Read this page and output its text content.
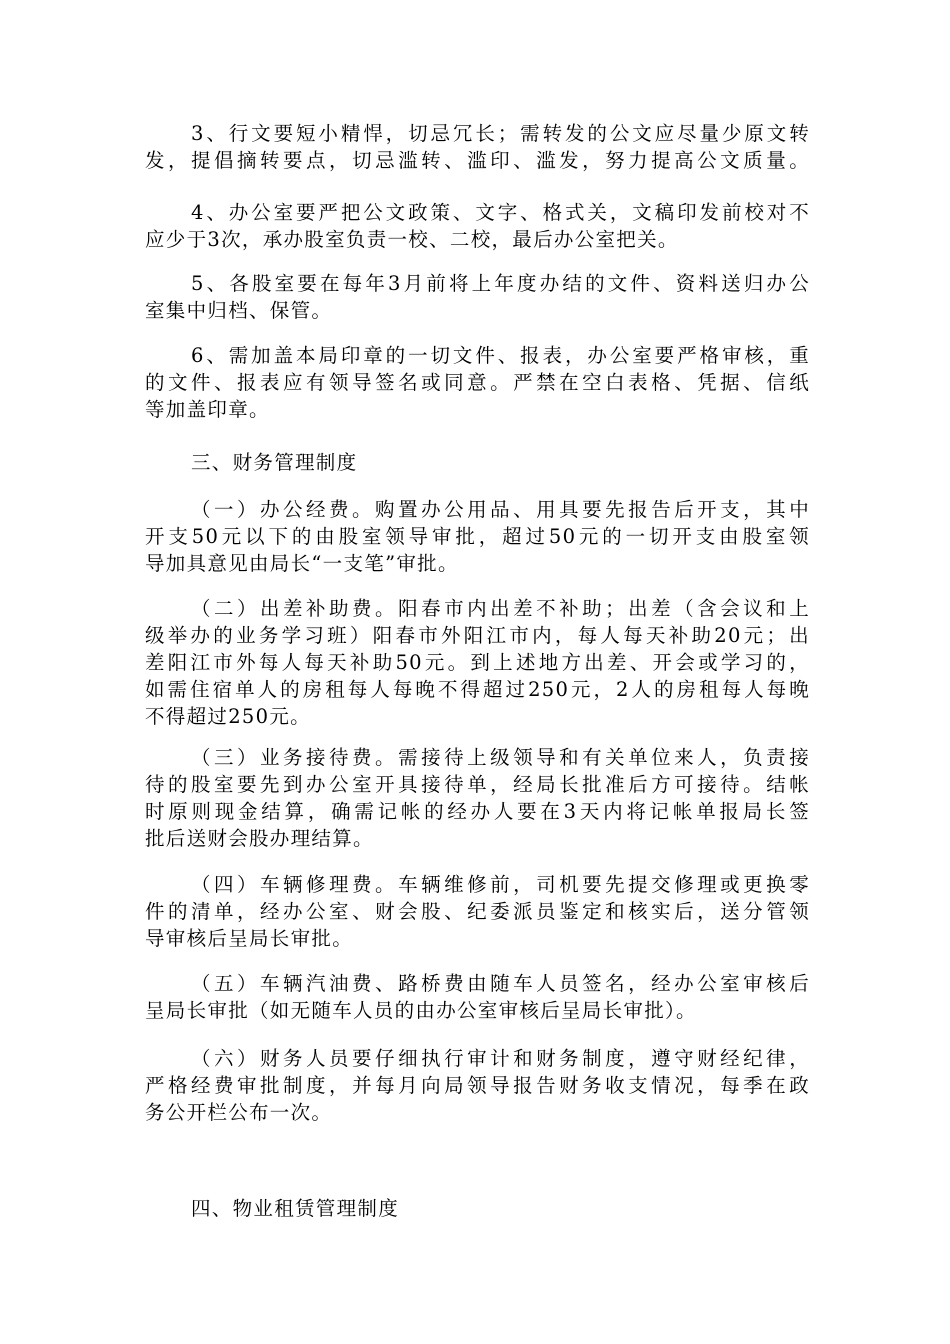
3、行文要短小精悍，切忌冗长；需转发的公文应尽量少原文转
发，提倡摘转要点，切忌滥转、滥印、滥发，努力提高公文质量。
4、办公室要严把公文政策、文字、格式关，文稿印发前校对不
应少于3次，承办股室负责一校、二校，最后办公室把关。
5、各股室要在每年3月前将上年度办结的文件、资料送归办公
室集中归档、保管。
6、需加盖本局印章的一切文件、报表，办公室要严格审核，重
的文件、报表应有领导签名或同意。严禁在空白表格、凭据、信纸
等加盖印章。
三、财务管理制度
（一）办公经费。购置办公用品、用具要先报告后开支，其中
开支50元以下的由股室领导审批，超过50元的一切开支由股室领
导加具意见由局长“一支笔”审批。
（二）出差补助费。阳春市内出差不补助；出差（含会议和上
级举办的业务学习班）阳春市外阳江市内，每人每天补助20元；出
差阳江市外每人每天补助50元。到上述地方出差、开会或学习的，
如需住宿单人的房租每人每晚不得超过250元，2人的房租每人每晚
不得超过250元。
（三）业务接待费。需接待上级领导和有关单位来人，负责接
待的股室要先到办公室开具接待单，经局长批准后方可接待。结帐
时原则现金结算，确需记帐的经办人要在3天内将记帐单报局长签
批后送财会股办理结算。
（四）车辆修理费。车辆维修前，司机要先提交修理或更换零
件的清单，经办公室、财会股、纪委派员鉴定和核实后，送分管领
导审核后呈局长审批。
（五）车辆汽油费、路桥费由随车人员签名，经办公室审核后
呈局长审批（如无随车人员的由办公室审核后呈局长审批）。
（六）财务人员要仔细执行审计和财务制度，遵守财经纪律，
严格经费审批制度，并每月向局领导报告财务收支情况，每季在政
务公开栏公布一次。
四、物业租赁管理制度
